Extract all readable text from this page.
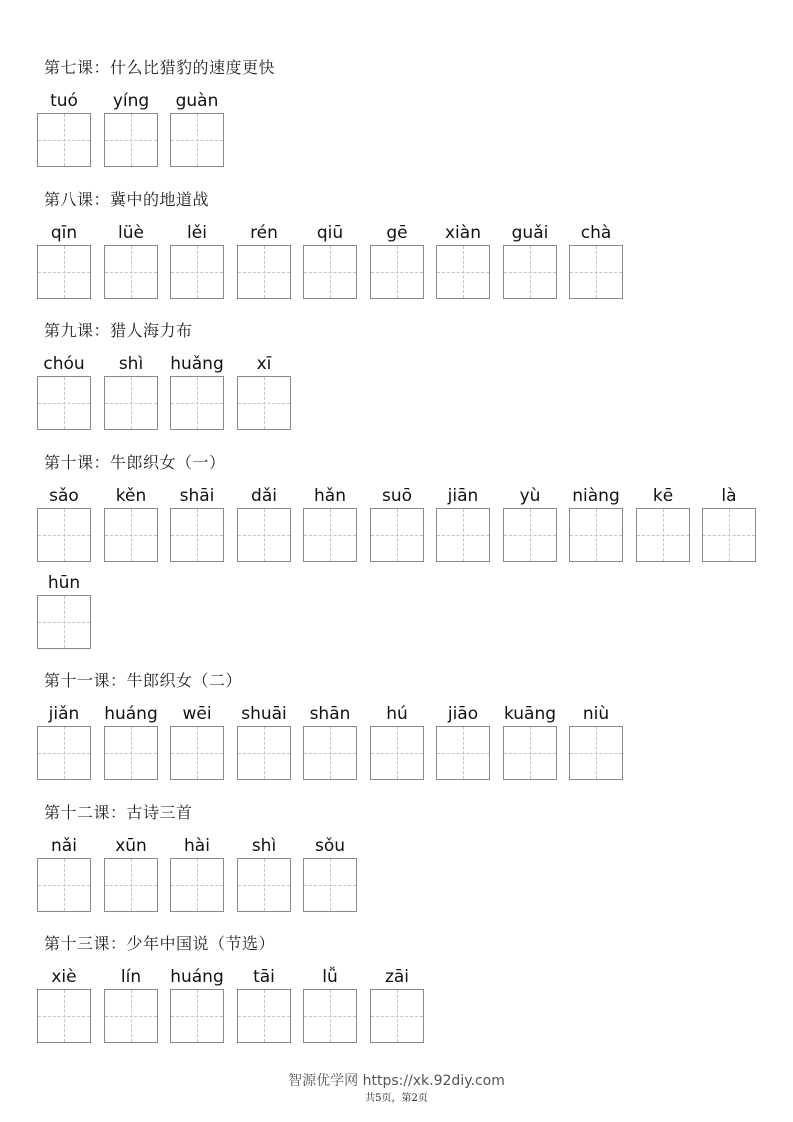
第七课：什么比猎豹的速度更快
tuó	yíng	guàn
第八课：冀中的地道战
qīn	lüè	lěi	rén	qiū	gē	xiàn	guǎi	chà
第九课：猎人海力布
chóu	shì	huǎng	xī
第十课：牛郎织女（一）
sǎo	kěn	shāi	dǎi	hǎn	suō	jiān	yù	niàng	kē	là
hūn
第十一课：牛郎织女（二）
jiǎn	huáng	wēi	shuāi	shān	hú	jiāo	kuāng	niù
第十二课：古诗三首
nǎi	xūn	hài	shì	sǒu
第十三课：少年中国说（节选）
xiè	lín	huáng	tāi	lǚ	zāi
智源优学网 https://xk.92diy.com
共5页，第2页
